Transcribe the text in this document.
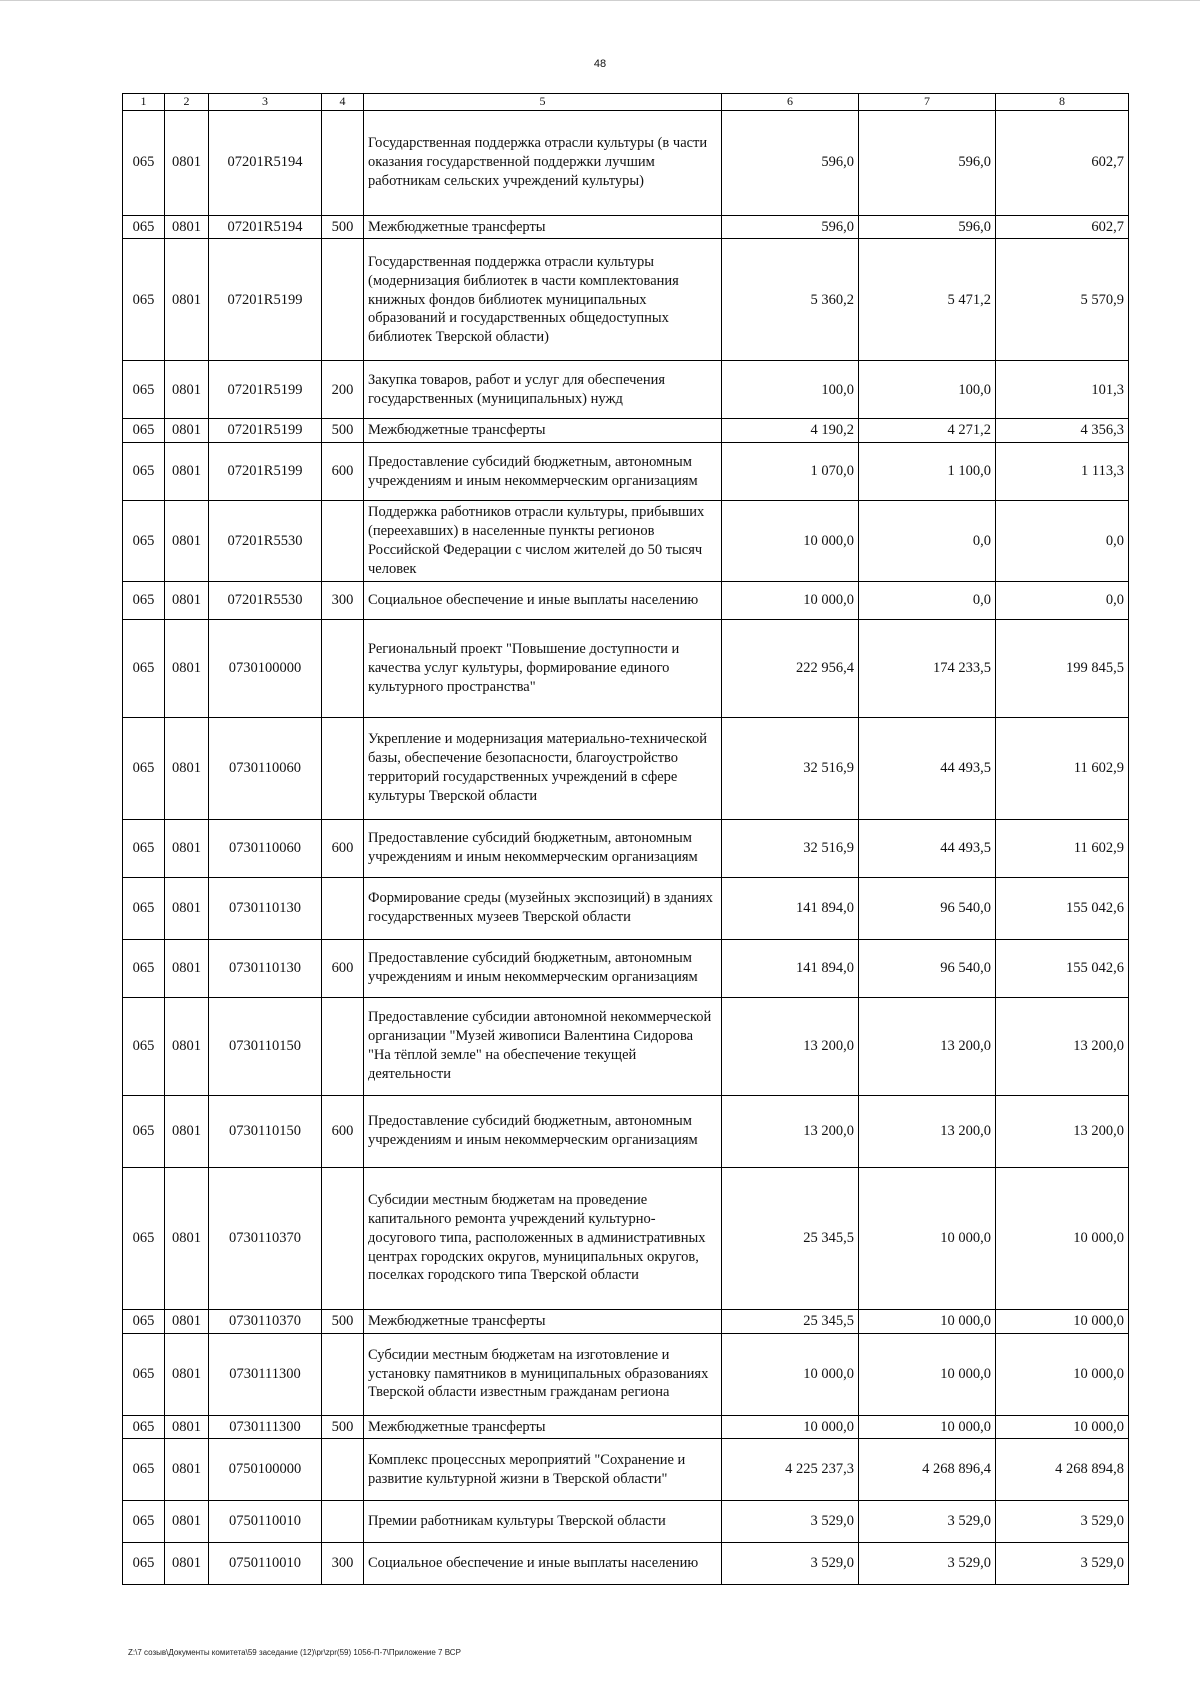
48
1	2	3	4	5	6	7	8
065	0801	07201R5194		Государственная поддержка отрасли культуры (в части оказания государственной поддержки лучшим работникам сельских учреждений культуры)	596,0	596,0	602,7
065	0801	07201R5194	500	Межбюджетные трансферты	596,0	596,0	602,7
065	0801	07201R5199		Государственная поддержка отрасли культуры (модернизация библиотек в части комплектования книжных фондов библиотек муниципальных образований и государственных общедоступных библиотек Тверской области)	5 360,2	5 471,2	5 570,9
065	0801	07201R5199	200	Закупка товаров, работ и услуг для обеспечения государственных (муниципальных) нужд	100,0	100,0	101,3
065	0801	07201R5199	500	Межбюджетные трансферты	4 190,2	4 271,2	4 356,3
065	0801	07201R5199	600	Предоставление субсидий бюджетным, автономным учреждениям и иным некоммерческим организациям	1 070,0	1 100,0	1 113,3
065	0801	07201R5530		Поддержка работников отрасли культуры, прибывших (переехавших) в населенные пункты регионов Российской Федерации с числом жителей до 50 тысяч человек	10 000,0	0,0	0,0
065	0801	07201R5530	300	Социальное обеспечение и иные выплаты населению	10 000,0	0,0	0,0
065	0801	0730100000		Региональный проект "Повышение доступности и качества услуг культуры, формирование единого культурного пространства"	222 956,4	174 233,5	199 845,5
065	0801	0730110060		Укрепление и модернизация материально-технической базы, обеспечение безопасности, благоустройство территорий государственных учреждений в сфере культуры Тверской области	32 516,9	44 493,5	11 602,9
065	0801	0730110060	600	Предоставление субсидий бюджетным, автономным учреждениям и иным некоммерческим организациям	32 516,9	44 493,5	11 602,9
065	0801	0730110130		Формирование среды (музейных экспозиций) в зданиях государственных музеев Тверской области	141 894,0	96 540,0	155 042,6
065	0801	0730110130	600	Предоставление субсидий бюджетным, автономным учреждениям и иным некоммерческим организациям	141 894,0	96 540,0	155 042,6
065	0801	0730110150		Предоставление субсидии автономной некоммерческой организации "Музей живописи Валентина Сидорова "На тёплой земле" на обеспечение текущей деятельности	13 200,0	13 200,0	13 200,0
065	0801	0730110150	600	Предоставление субсидий бюджетным, автономным учреждениям и иным некоммерческим организациям	13 200,0	13 200,0	13 200,0
065	0801	0730110370		Субсидии местным бюджетам на проведение капитального ремонта учреждений культурно-досугового типа, расположенных в административных центрах городских округов, муниципальных округов, поселках городского типа Тверской области	25 345,5	10 000,0	10 000,0
065	0801	0730110370	500	Межбюджетные трансферты	25 345,5	10 000,0	10 000,0
065	0801	0730111300		Субсидии местным бюджетам на изготовление и установку памятников в муниципальных образованиях Тверской области известным гражданам региона	10 000,0	10 000,0	10 000,0
065	0801	0730111300	500	Межбюджетные трансферты	10 000,0	10 000,0	10 000,0
065	0801	0750100000		Комплекс процессных мероприятий "Сохранение и развитие культурной жизни в Тверской области"	4 225 237,3	4 268 896,4	4 268 894,8
065	0801	0750110010		Премии работникам культуры Тверской области	3 529,0	3 529,0	3 529,0
065	0801	0750110010	300	Социальное обеспечение и иные выплаты населению	3 529,0	3 529,0	3 529,0
Z:\7 созыв\Документы комитета\59 заседание (12)\pr\zpr(59) 1056-П-7\Приложение 7 ВСР
